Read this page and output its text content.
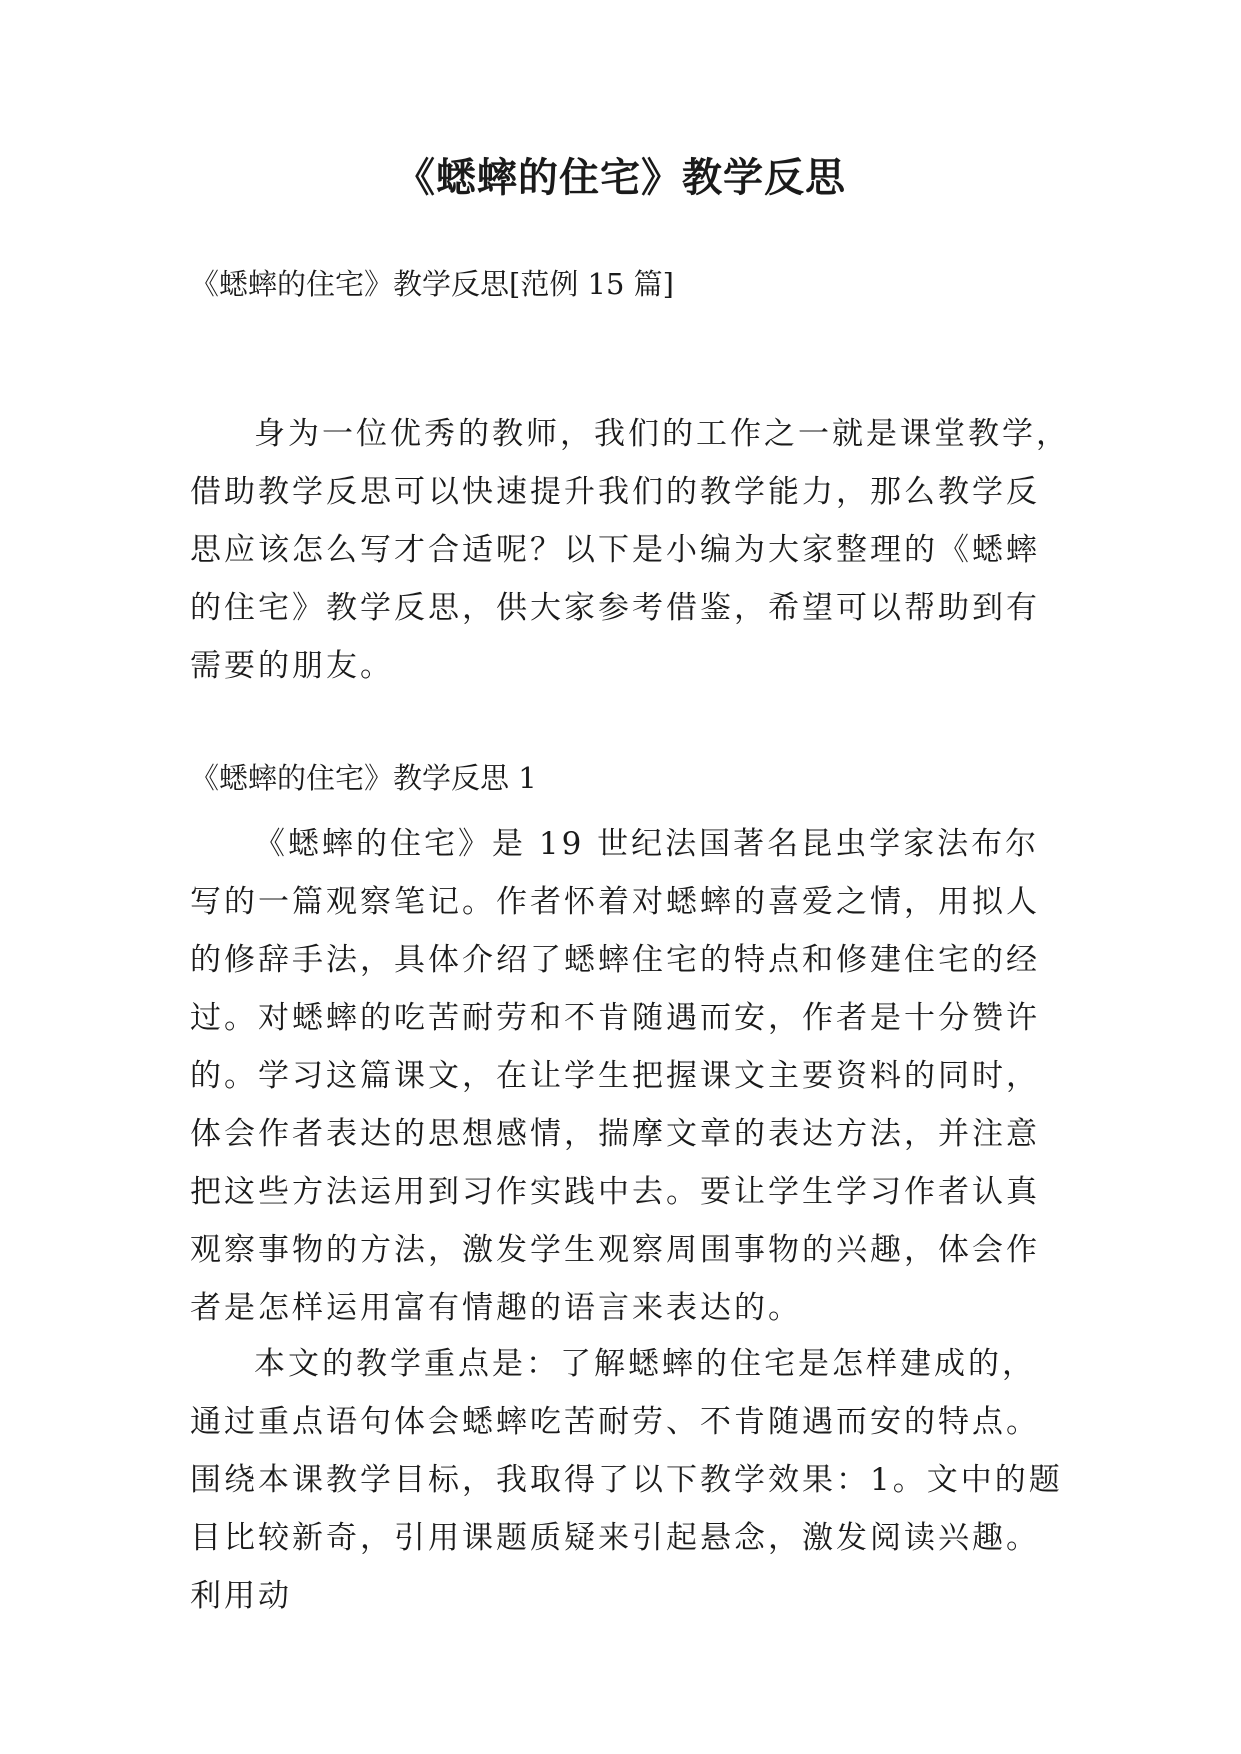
《蟋蟀的住宅》教学反思
《蟋蟀的住宅》教学反思[范例 15 篇]

身为一位优秀的教师，我们的工作之一就是课堂教学，借助教学反思可以快速提升我们的教学能力，那么教学反思应该怎么写才合适呢？以下是小编为大家整理的《蟋蟀的住宅》教学反思，供大家参考借鉴，希望可以帮助到有需要的朋友。

《蟋蟀的住宅》教学反思 1

《蟋蟀的住宅》是 19 世纪法国著名昆虫学家法布尔写的一篇观察笔记。作者怀着对蟋蟀的喜爱之情，用拟人的修辞手法，具体介绍了蟋蟀住宅的特点和修建住宅的经过。对蟋蟀的吃苦耐劳和不肯随遇而安，作者是十分赞许的。学习这篇课文，在让学生把握课文主要资料的同时，体会作者表达的思想感情，揣摩文章的表达方法，并注意把这些方法运用到习作实践中去。要让学生学习作者认真观察事物的方法，激发学生观察周围事物的兴趣，体会作者是怎样运用富有情趣的语言来表达的。

本文的教学重点是：了解蟋蟀的住宅是怎样建成的，通过重点语句体会蟋蟀吃苦耐劳、不肯随遇而安的特点。围绕本课教学目标，我取得了以下教学效果：1。文中的题目比较新奇，引用课题质疑来引起悬念，激发阅读兴趣。利用动
